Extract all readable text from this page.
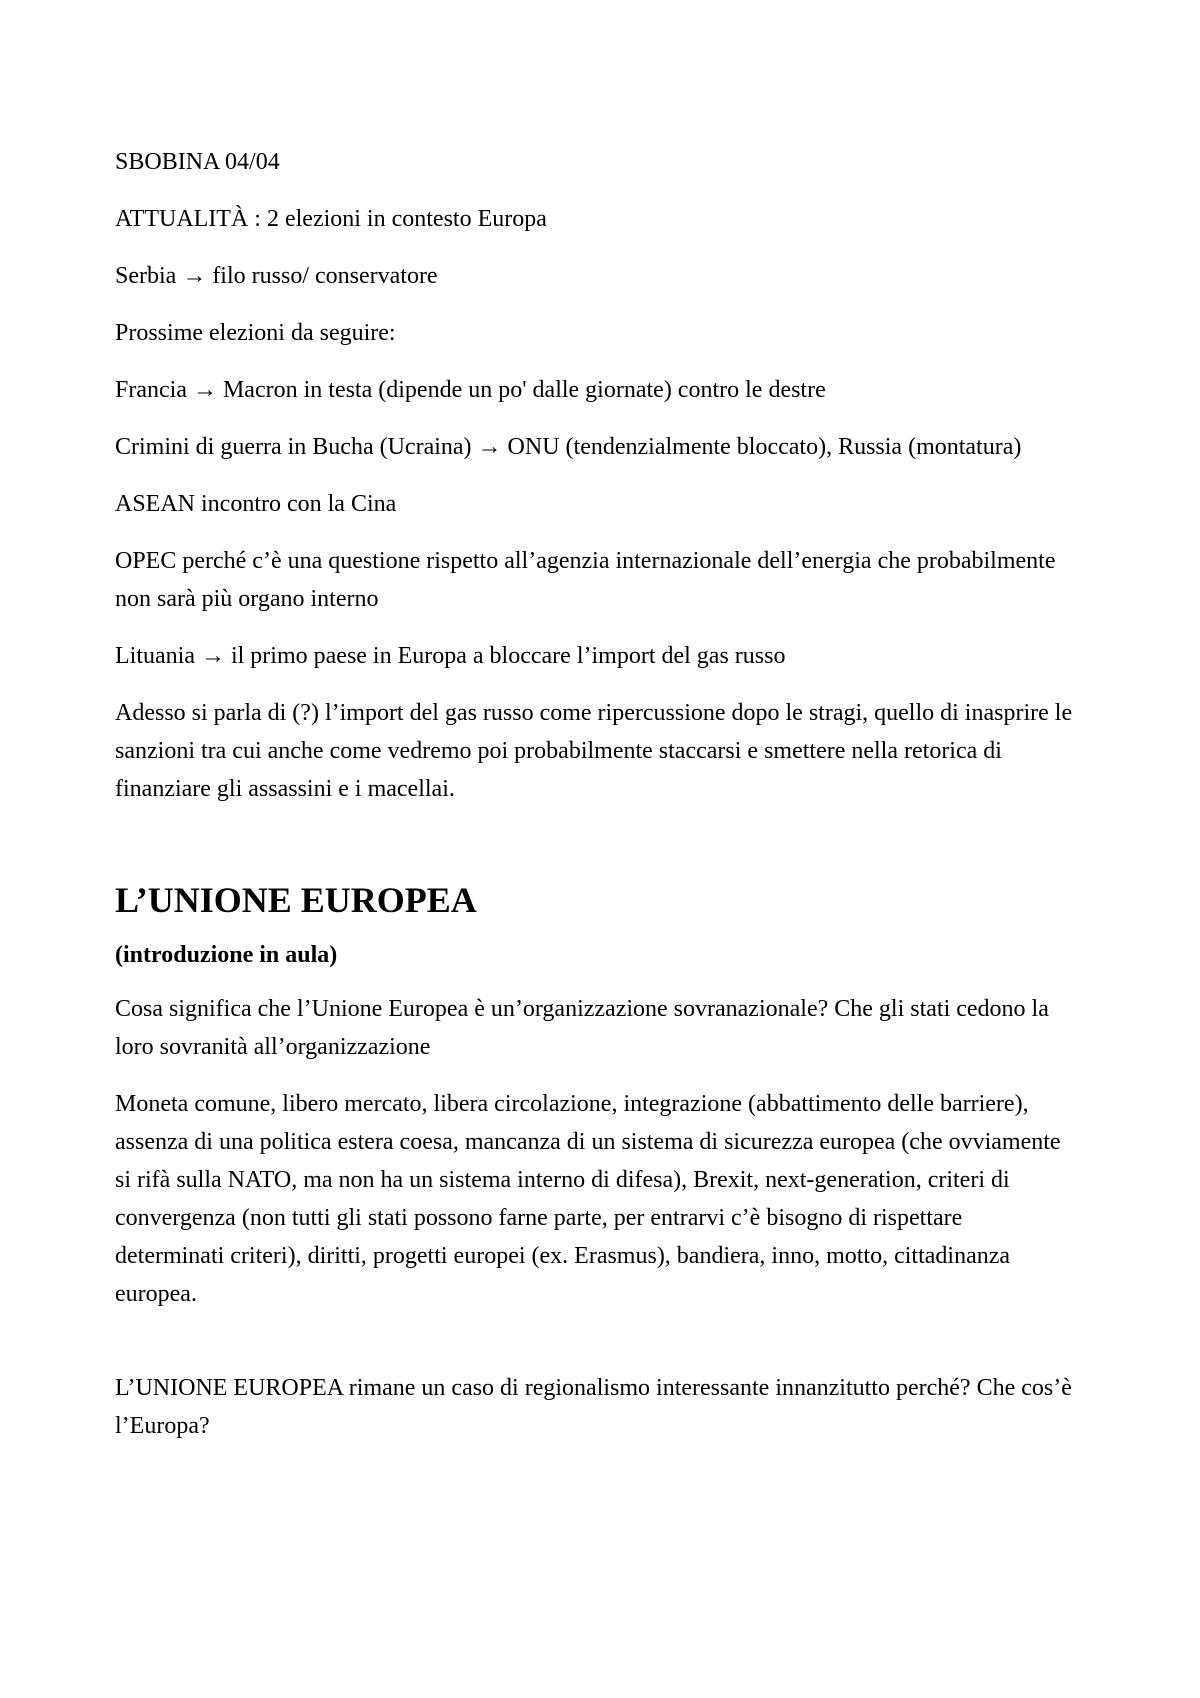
SBOBINA 04/04

ATTUALITÀ : 2 elezioni in contesto Europa

Serbia → filo russo/ conservatore

Prossime elezioni da seguire:

Francia → Macron in testa (dipende un po' dalle giornate) contro le destre

Crimini di guerra in Bucha (Ucraina) → ONU (tendenzialmente bloccato), Russia (montatura)

ASEAN incontro con la Cina

OPEC perché c’è una questione rispetto all’agenzia internazionale dell’energia che probabilmente non sarà più organo interno

Lituania → il primo paese in Europa a bloccare l’import del gas russo

Adesso si parla di (?) l’import del gas russo come ripercussione dopo le stragi, quello di inasprire le sanzioni tra cui anche come vedremo poi probabilmente staccarsi e smettere nella retorica di finanziare gli assassini e i macellai.

L’UNIONE EUROPEA

(introduzione in aula)

Cosa significa che l’Unione Europea è un’organizzazione sovranazionale? Che gli stati cedono la loro sovranità all’organizzazione

Moneta comune, libero mercato, libera circolazione, integrazione (abbattimento delle barriere), assenza di una politica estera coesa, mancanza di un sistema di sicurezza europea (che ovviamente si rifà sulla NATO, ma non ha un sistema interno di difesa), Brexit, next-generation, criteri di convergenza (non tutti gli stati possono farne parte, per entrarvi c’è bisogno di rispettare determinati criteri), diritti, progetti europei (ex. Erasmus), bandiera, inno, motto, cittadinanza europea.

L’UNIONE EUROPEA rimane un caso di regionalismo interessante innanzitutto perché? Che cos’è l’Europa?
